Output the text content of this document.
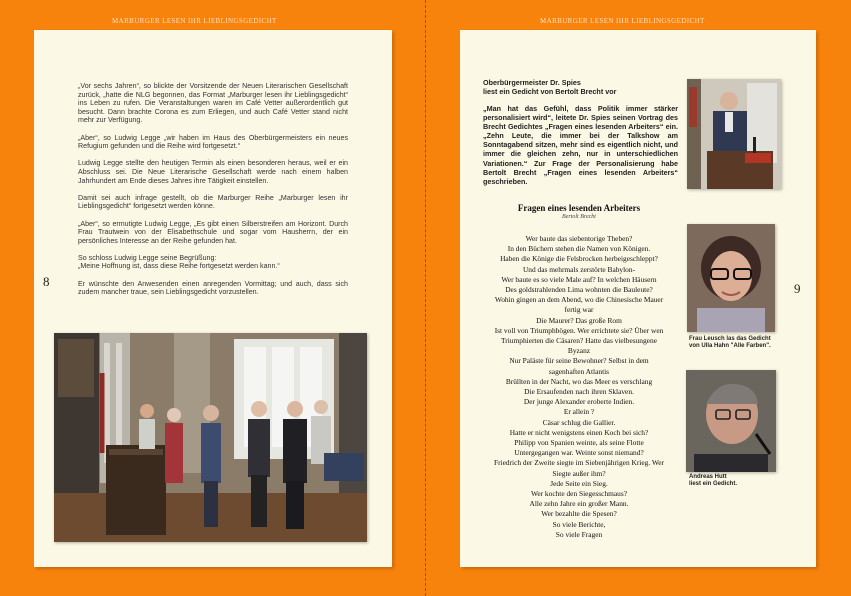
MARBURGER LESEN IHR LIEBLINGSGEDICHT	MARBURGER LESEN IHR LIEBLINGSGEDICHT
8	9

„Vor sechs Jahren“, so blickte der Vorsitzende der Neuen Literarischen Gesellschaft zurück, „hatte die NLG begonnen, das Format „Marburger lesen ihr Lieblingsgedicht“ ins Leben zu rufen. Die Veranstaltungen waren im Café Vetter außerordentlich gut besucht. Dann brachte Corona es zum Erliegen, und auch Café Vetter stand nicht mehr zur Verfügung.

„Aber“, so Ludwig Legge „wir haben im Haus des Oberbürgermeisters ein neues Refugium gefunden und die Reihe wird fortgesetzt.“

Ludwig Legge stellte den heutigen Termin als einen besonderen heraus, weil er ein Abschluss sei. Die Neue Literarische Gesellschaft werde nach einem halben Jahrhundert am Ende dieses Jahres ihre Tätigkeit einstellen.

Damit sei auch infrage gestellt, ob die Marburger Reihe „Marburger lesen ihr Lieblingsgedicht“ fortgesetzt werden könne.

„Aber“, so ermutigte Ludwig Legge, „Es gibt einen Silberstreifen am Horizont. Durch Frau Trautwein von der Elisabethschule und sogar vom Hausherrn, der ein persönliches Interesse an der Reihe gefunden hat.

So schloss Ludwig Legge seine Begrüßung:
„Meine Hoffnung ist, dass diese Reihe fortgesetzt werden kann.“

Er wünschte den Anwesenden einen anregenden Vormittag; und auch, dass sich zudem mancher traue, sein Lieblingsgedicht vorzustellen.

Oberbürgermeister Dr. Spies
liest ein Gedicht von Bertolt Brecht vor
„Man hat das Gefühl, dass Politik immer stärker personalisiert wird“, leitete Dr. Spies seinen Vortrag des Brecht Gedichtes „Fragen eines lesenden Arbeiters“ ein. „Zehn Leute, die immer bei der Talkshow am Sonntagabend sitzen, mehr sind es eigentlich nicht, und immer die gleichen zehn, nur in unterschiedlichen Variationen.“ Zur Frage der Personalisierung habe Bertolt Brecht „Fragen eines lesenden Arbeiters“ geschrieben.
Fragen eines lesenden Arbeiters
Bertolt Brecht
Wer baute das siebentorige Theben?
In den Büchern stehen die Namen von Königen.
Haben die Könige die Felsbrocken herbeigeschleppt?
Und das mehrmals zerstörte Babylon-
Wer baute es so viele Male auf? In welchen Häusern
Des goldstrahlenden Lima wohnten die Bauleute?
Wohin gingen an dem Abend, wo die Chinesische Mauer
fertig war
Die Maurer? Das große Rom
Ist voll von Triumphbögen. Wer errichtete sie? Über wen
Triumphierten die Cäsaren? Hatte das vielbesungene
Byzanz
Nur Paläste für seine Bewohner? Selbst in dem
sagenhaften Atlantis
Brüllten in der Nacht, wo das Meer es verschlang
Die Ersaufenden nach ihren Sklaven.
Der junge Alexander eroberte Indien.
Er allein ?
Cäsar schlug die Gallier.
Hatte er nicht wenigstens einen Koch bei sich?
Philipp von Spanien weinte, als seine Flotte
Untergegangen war. Weinte sonst niemand?
Friedrich der Zweite siegte im Siebenjährigen Krieg. Wer
Siegte außer ihm?
Jede Seite ein Sieg.
Wer kochte den Siegesschmaus?
Alle zehn Jahre ein großer Mann.
Wer bezahlte die Spesen?
So viele Berichte,
So viele Fragen
Frau Leusch las das Gedicht von Ulla Hahn "Alle Farben".
Andreas Hutt
liest ein Gedicht.
